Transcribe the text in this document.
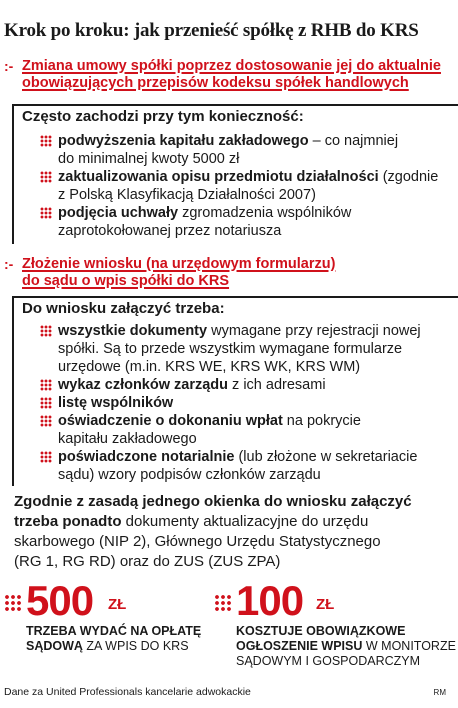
Krok po kroku: jak przenieść spółkę z RHB do KRS
:- Zmiana umowy spółki poprzez dostosowanie jej do aktualnie
obowiązujących przepisów kodeksu spółek handlowych
Często zachodzi przy tym konieczność:
podwyższenia kapitału zakładowego – co najmniej
do minimalnej kwoty 5000 zł
zaktualizowania opisu przedmiotu działalności (zgodnie
z Polską Klasyfikacją Działalności 2007)
podjęcia uchwały zgromadzenia wspólników
zaprotokołowanej przez notariusza
:- Złożenie wniosku (na urzędowym formularzu)
do sądu o wpis spółki do KRS
Do wniosku załączyć trzeba:
wszystkie dokumenty wymagane przy rejestracji nowej
spółki. Są to przede wszystkim wymagane formularze
urzędowe (m.in. KRS WE, KRS WK, KRS WM)
wykaz członków zarządu z ich adresami
listę wspólników
oświadczenie o dokonaniu wpłat na pokrycie
kapitału zakładowego
poświadczone notarialnie (lub złożone w sekretariacie
sądu) wzory podpisów członków zarządu
Zgodnie z zasadą jednego okienka do wniosku załączyć
trzeba ponadto dokumenty aktualizacyjne do urzędu
skarbowego (NIP 2), Głównego Urzędu Statystycznego
(RG 1, RG RD) oraz do ZUS (ZUS ZPA)
500 ZŁ
TRZEBA WYDAĆ NA OPŁATĘ
SĄDOWĄ ZA WPIS DO KRS
100 ZŁ
KOSZTUJE OBOWIĄZKOWE
OGŁOSZENIE WPISU W MONITORZE
SĄDOWYM I GOSPODARCZYM
Dane za United Professionals kancelarie adwokackie	RM
